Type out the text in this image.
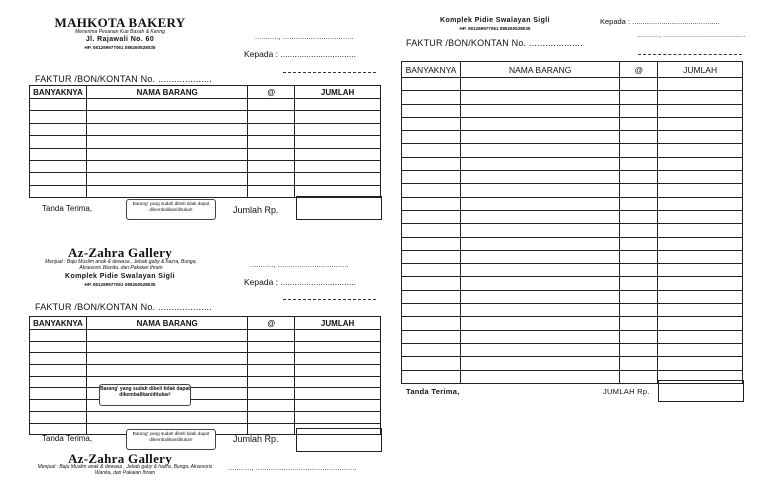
MAHKOTA BAKERY
Menerima Pesanan Kue Basah & Kering
Jl. Rajawali No. 60
HP. 081269977061 085260528035
..........., .................................
Kepada : ................................
FAKTUR /BON/KONTAN No. ....................
BANYAKNYA	NAMA BARANG	@	JUMLAH

Tanda Terima,
Barang' yang sudah dibeli tidak dapat dikembalikan/ditukar!	Jumlah Rp.
Az-Zahra Gallery
Menjual : Baju Muslim anak & dewasa , Jebab gaby & hazra, Bunga, Aksesoris Wanita, dan Pakaian Ihram
Komplek Pidie Swalayan Sigli
HP. 081269977061 085260528035
..........., .................................
Kepada : ................................
FAKTUR /BON/KONTAN No. ....................
BANYAKNYA	NAMA BARANG	@	JUMLAH

Barang' yang sudah dibeli tidak dapat dikembalikan/ditukar!
Tanda Terima,
Barang' yang sudah dibeli tidak dapat dikembalikan/ditukar!	Jumlah Rp.
Az-Zahra Gallery
Menjual : Baju Muslim anak & dewasa , Jebab gaby & hazra, Bunga, Aksesoris Wanita, dan Pakaian Ihram
..........., ...............................................
Komplek Pidie Swalayan Sigli
HP. 081269977061 085260528035
Kepada : ..........................................
..........., .........................................
FAKTUR /BON/KONTAN No. ....................
BANYAKNYA	NAMA BARANG	@	JUMLAH

Tanda Terima,	JUMLAH Rp.
